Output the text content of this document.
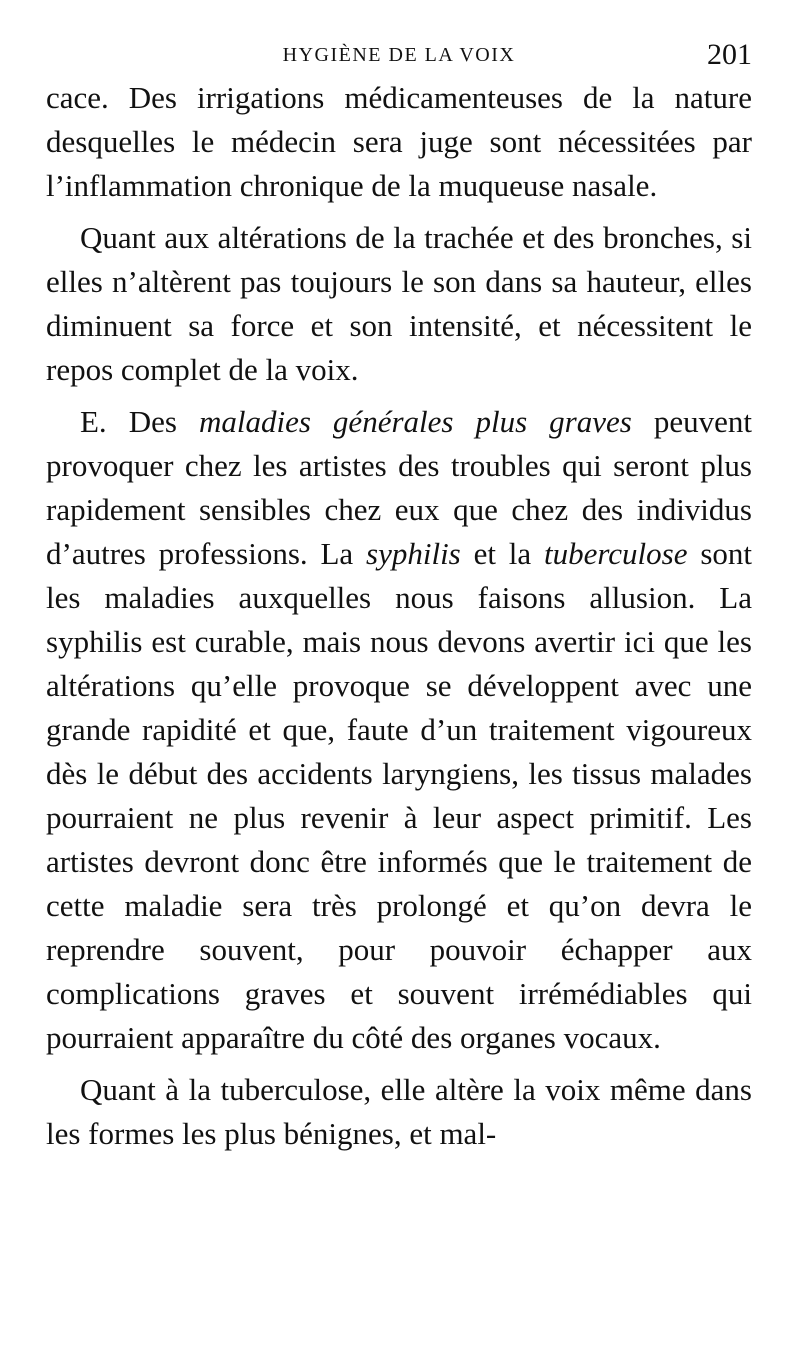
HYGIÈNE DE LA VOIX	201

cace. Des irrigations médicamenteuses de la nature desquelles le médecin sera juge sont nécessitées par l’inflammation chronique de la muqueuse nasale.

Quant aux altérations de la trachée et des bronches, si elles n’altèrent pas toujours le son dans sa hauteur, elles diminuent sa force et son intensité, et nécessitent le repos complet de la voix.

E. Des maladies générales plus graves peuvent provoquer chez les artistes des troubles qui seront plus rapidement sensibles chez eux que chez des individus d’autres professions. La syphilis et la tuberculose sont les maladies auxquelles nous faisons allusion. La syphilis est curable, mais nous devons avertir ici que les altérations qu’elle provoque se développent avec une grande rapidité et que, faute d’un traitement vigoureux dès le début des accidents laryngiens, les tissus malades pourraient ne plus revenir à leur aspect primitif. Les artistes devront donc être informés que le traitement de cette maladie sera très prolongé et qu’on devra le reprendre souvent, pour pouvoir échapper aux complications graves et souvent irrémédiables qui pourraient apparaître du côté des organes vocaux.

Quant à la tuberculose, elle altère la voix même dans les formes les plus bénignes, et mal-
